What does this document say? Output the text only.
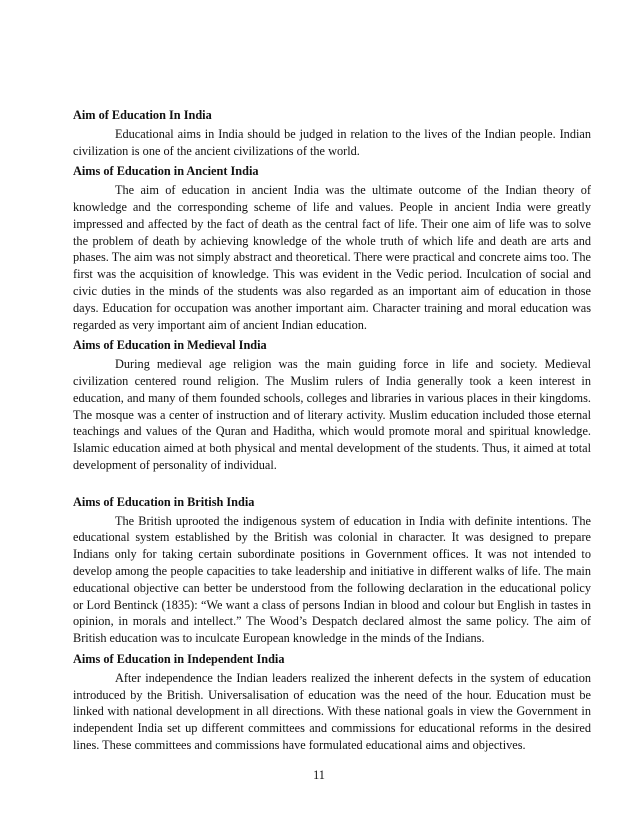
Aim of Education In India
Educational aims in India should be judged in relation to the lives of the Indian people. Indian civilization is one of the ancient civilizations of the world.
Aims of Education in Ancient India
The aim of education in ancient India was the ultimate outcome of the Indian theory of knowledge and the corresponding scheme of life and values. People in ancient India were greatly impressed and affected by the fact of death as the central fact of life. Their one aim of life was to solve the problem of death by achieving knowledge of the whole truth of which life and death are arts and phases. The aim was not simply abstract and theoretical. There were practical and concrete aims too. The first was the acquisition of knowledge. This was evident in the Vedic period. Inculcation of social and civic duties in the minds of the students was also regarded as an important aim of education in those days. Education for occupation was another important aim. Character training and moral education was regarded as very important aim of ancient Indian education.
Aims of Education in Medieval India
During medieval age religion was the main guiding force in life and society. Medieval civilization centered round religion. The Muslim rulers of India generally took a keen interest in education, and many of them founded schools, colleges and libraries in various places in their kingdoms. The mosque was a center of instruction and of literary activity. Muslim education included those eternal teachings and values of the Quran and Haditha, which would promote moral and spiritual knowledge. Islamic education aimed at both physical and mental development of the students. Thus, it aimed at total development of personality of individual.
Aims of Education in British India
The British uprooted the indigenous system of education in India with definite intentions. The educational system established by the British was colonial in character. It was designed to prepare Indians only for taking certain subordinate positions in Government offices. It was not intended to develop among the people capacities to take leadership and initiative in different walks of life. The main educational objective can better be understood from the following declaration in the educational policy or Lord Bentinck (1835): “We want a class of persons Indian in blood and colour but English in tastes in opinion, in morals and intellect.” The Wood’s Despatch declared almost the same policy. The aim of British education was to inculcate European knowledge in the minds of the Indians.
Aims of Education in Independent India
After independence the Indian leaders realized the inherent defects in the system of education introduced by the British. Universalisation of education was the need of the hour. Education must be linked with national development in all directions. With these national goals in view the Government in independent India set up different committees and commissions for educational reforms in the desired lines. These committees and commissions have formulated educational aims and objectives.
11
